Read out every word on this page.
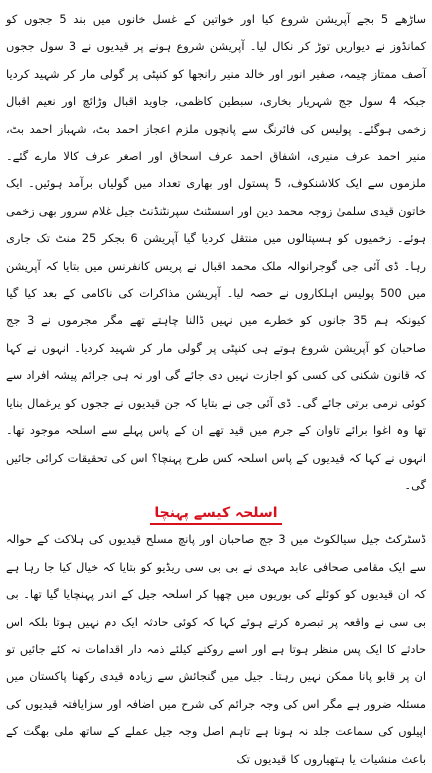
ساڑھے 5 بجے آپریشن شروع کیا اور خواتین کے غسل خانوں میں بند 5 ججوں کو کمانڈوز نے دیواریں توڑ کر نکال لیا۔ آپریشن شروع ہونے پر قیدیوں نے 3 سول ججوں آصف ممتاز چیمہ، صفیر انور اور خالد منیر رانجھا کو کنپٹی پر گولی مار کر شہید کردیا جبکہ 4 سول جج شہریار بخاری، سبطین کاظمی، جاوید اقبال وڑائچ اور نعیم اقبال زخمی ہوگئے۔ پولیس کی فائرنگ سے پانچوں ملزم اعجاز احمد بٹ، شہباز احمد بٹ، منیر احمد عرف منیری، اشفاق احمد عرف اسحاق اور اصغر عرف کالا مارے گئے۔ ملزموں سے ایک کلاشنکوف، 5 پستول اور بھاری تعداد میں گولیاں برآمد ہوئیں۔ ایک خاتون قیدی سلمیٰ زوجہ محمد دین اور اسسٹنٹ سپرنٹنڈنٹ جیل غلام سرور بھی زخمی ہوئے۔ زخمیوں کو ہسپتالوں میں منتقل کردیا گیا آپریشن 6 بجکر 25 منٹ تک جاری رہا۔ ڈی آئی جی گوجرانوالہ ملک محمد اقبال نے پریس کانفرنس میں بتایا کہ آپریشن میں 500 پولیس اہلکاروں نے حصہ لیا۔ آپریشن مذاکرات کی ناکامی کے بعد کیا گیا کیونکہ ہم 35 جانوں کو خطرے میں نہیں ڈالنا چاہتے تھے مگر مجرموں نے 3 جج صاحبان کو آپریشن شروع ہوتے ہی کنپٹی پر گولی مار کر شہید کردیا۔ انہوں نے کہا کہ قانون شکنی کی کسی کو اجازت نہیں دی جائے گی اور نہ ہی جرائم پیشہ افراد سے کوئی نرمی برتی جائے گی۔ ڈی آئی جی نے بتایا کہ جن قیدیوں نے ججوں کو یرغمال بنایا تھا وہ اغوا برائے تاوان کے جرم میں قید تھے ان کے پاس پہلے سے اسلحہ موجود تھا۔ انہوں نے کہا کہ قیدیوں کے پاس اسلحہ کس طرح پہنچا؟ اس کی تحقیقات کرائی جائیں گی۔

اسلحہ کیسے پہنچا

ڈسٹرکٹ جیل سیالکوٹ میں 3 جج صاحبان اور پانچ مسلح قیدیوں کی ہلاکت کے حوالہ سے ایک مقامی صحافی عابد مہدی نے بی بی سی ریڈیو کو بتایا کہ خیال کیا جا رہا ہے کہ ان قیدیوں کو کوئلے کی بوریوں میں چھپا کر اسلحہ جیل کے اندر پہنچایا گیا تھا۔ بی بی سی نے واقعہ پر تبصرہ کرتے ہوئے کہا کہ کوئی حادثہ ایک دم نہیں ہوتا بلکہ اس حادثے کا ایک پس منظر ہوتا ہے اور اسے روکنے کیلئے ذمہ دار اقدامات نہ کئے جائیں تو ان پر قابو پانا ممکن نہیں رہتا۔ جیل میں گنجائش سے زیادہ قیدی رکھنا پاکستان میں مسئلہ ضرور ہے مگر اس کی وجہ جرائم کی شرح میں اضافہ اور سزایافتہ قیدیوں کی اپیلوں کی سماعت جلد نہ ہونا ہے تاہم اصل وجہ جیل عملے کے ساتھ ملی بھگت کے باعث منشیات یا ہتھیاروں کا قیدیوں تک
